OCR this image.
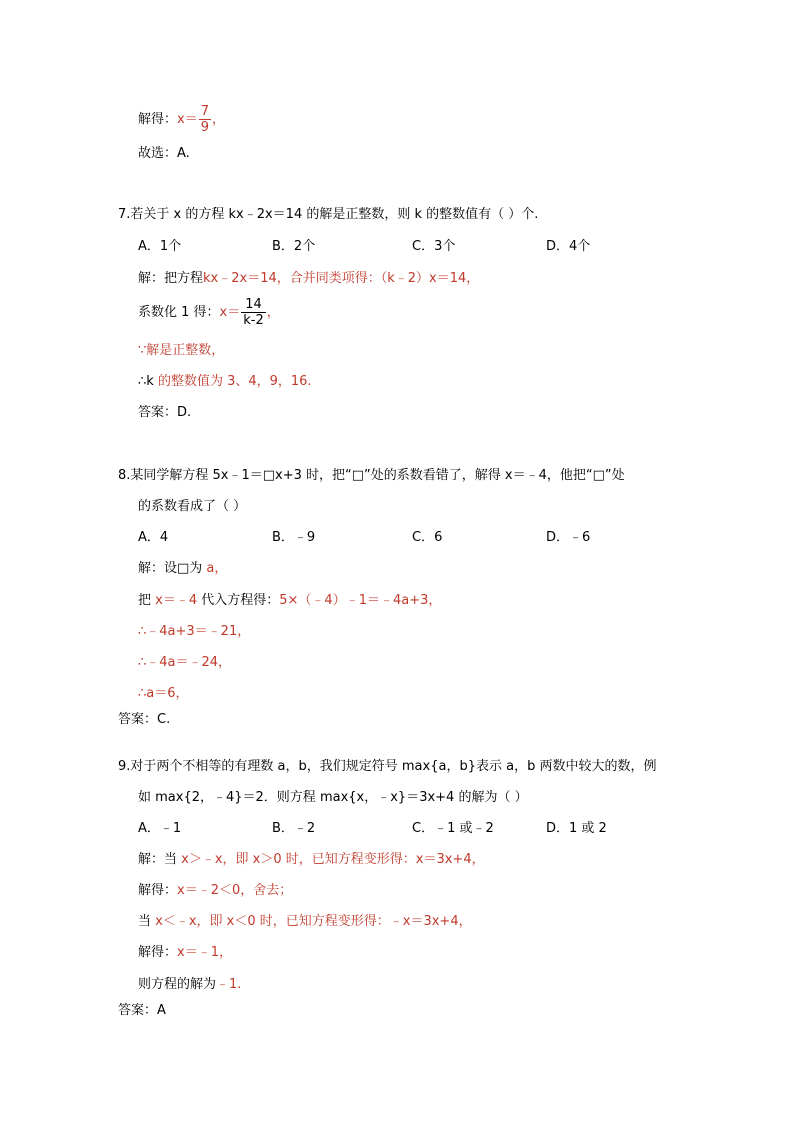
解得：$x= \frac{7}{9}$ ，
故选：A.
7.若关于 x 的方程 kx﹣2x＝14 的解是正整数，则 k 的整数值有（ ）个.
A．1个	B．2个	C．3个	D．4个
解：把方程kx﹣2x＝14，合并同类项得：（k﹣2）x＝14，
系数化 1 得：$x= \frac{14}{k-2}$ ，
∵解是正整数，
∴k 的整数值为 3、4，9，16.
答案：D.
8.某同学解方程 5x﹣1＝□x+3 时，把“□”处的系数看错了，解得 x＝﹣4，他把“□”处
的系数看成了（ ）
A．4	B．﹣9	C．6	D．﹣6
解：设□为 a，
把 x＝﹣4 代入方程得：5×（﹣4）﹣1＝﹣4a+3，
∴﹣4a+3＝﹣21，
∴﹣4a＝﹣24，
∴a＝6，
答案：C.
9.对于两个不相等的有理数 a，b，我们规定符号 max{a，b}表示 a，b 两数中较大的数，例
如 max{2，﹣4}＝2．则方程 max{x，﹣x}＝3x+4 的解为（ ）
A．﹣1	B．﹣2	C．﹣1 或﹣2	D．1 或 2
解：当 x＞﹣x，即 x＞0 时，已知方程变形得：x＝3x+4，
解得：x＝﹣2＜0，舍去；
当 x＜﹣x，即 x＜0 时，已知方程变形得：﹣x＝3x+4，
解得：x＝﹣1，
则方程的解为﹣1.
答案：A
